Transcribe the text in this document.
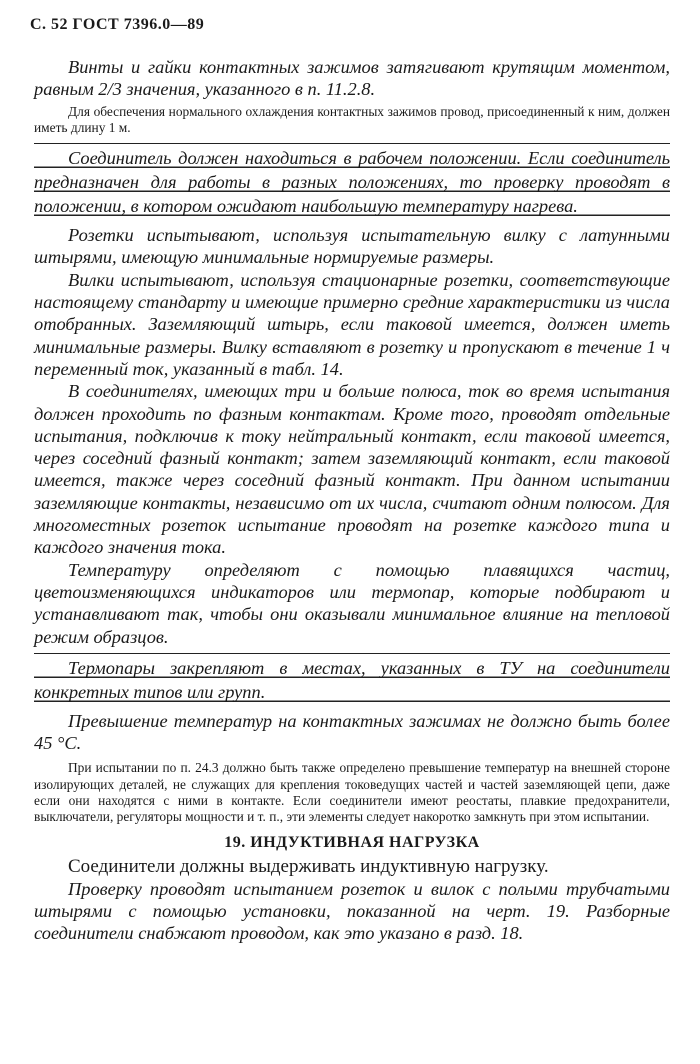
С. 52 ГОСТ 7396.0—89

Винты и гайки контактных зажимов затягивают крутящим моментом, равным 2/3 значения, указанного в п. 11.2.8.

Для обеспечения нормального охлаждения контактных зажимов провод, присоединенный к ним, должен иметь длину 1 м.

Соединитель должен находиться в рабочем положении. Если соединитель предназначен для работы в разных положениях, то проверку проводят в положении, в котором ожидают наибольшую температуру нагрева.

Розетки испытывают, используя испытательную вилку с латунными штырями, имеющую минимальные нормируемые размеры.

Вилки испытывают, используя стационарные розетки, соответствующие настоящему стандарту и имеющие примерно средние характеристики из числа отобранных. Заземляющий штырь, если таковой имеется, должен иметь минимальные размеры. Вилку вставляют в розетку и пропускают в течение 1 ч переменный ток, указанный в табл. 14.

В соединителях, имеющих три и больше полюса, ток во время испытания должен проходить по фазным контактам. Кроме того, проводят отдельные испытания, подключив к току нейтральный контакт, если таковой имеется, через соседний фазный контакт; затем заземляющий контакт, если таковой имеется, также через соседний фазный контакт. При данном испытании заземляющие контакты, независимо от их числа, считают одним полюсом. Для многоместных розеток испытание проводят на розетке каждого типа и каждого значения тока.

Температуру определяют с помощью плавящихся частиц, цветоизменяющихся индикаторов или термопар, которые подбирают и устанавливают так, чтобы они оказывали минимальное влияние на тепловой режим образцов.

Термопары закрепляют в местах, указанных в ТУ на соединители конкретных типов или групп.

Превышение температур на контактных зажимах не должно быть более 45 °С.

При испытании по п. 24.3 должно быть также определено превышение температур на внешней стороне изолирующих деталей, не служащих для крепления токоведущих частей и частей заземляющей цепи, даже если они находятся с ними в контакте. Если соединители имеют реостаты, плавкие предохранители, выключатели, регуляторы мощности и т. п., эти элементы следует накоротко замкнуть при этом испытании.

19. ИНДУКТИВНАЯ НАГРУЗКА

Соединители должны выдерживать индуктивную нагрузку.

Проверку проводят испытанием розеток и вилок с полыми трубчатыми штырями с помощью установки, показанной на черт. 19. Разборные соединители снабжают проводом, как это указано в разд. 18.
